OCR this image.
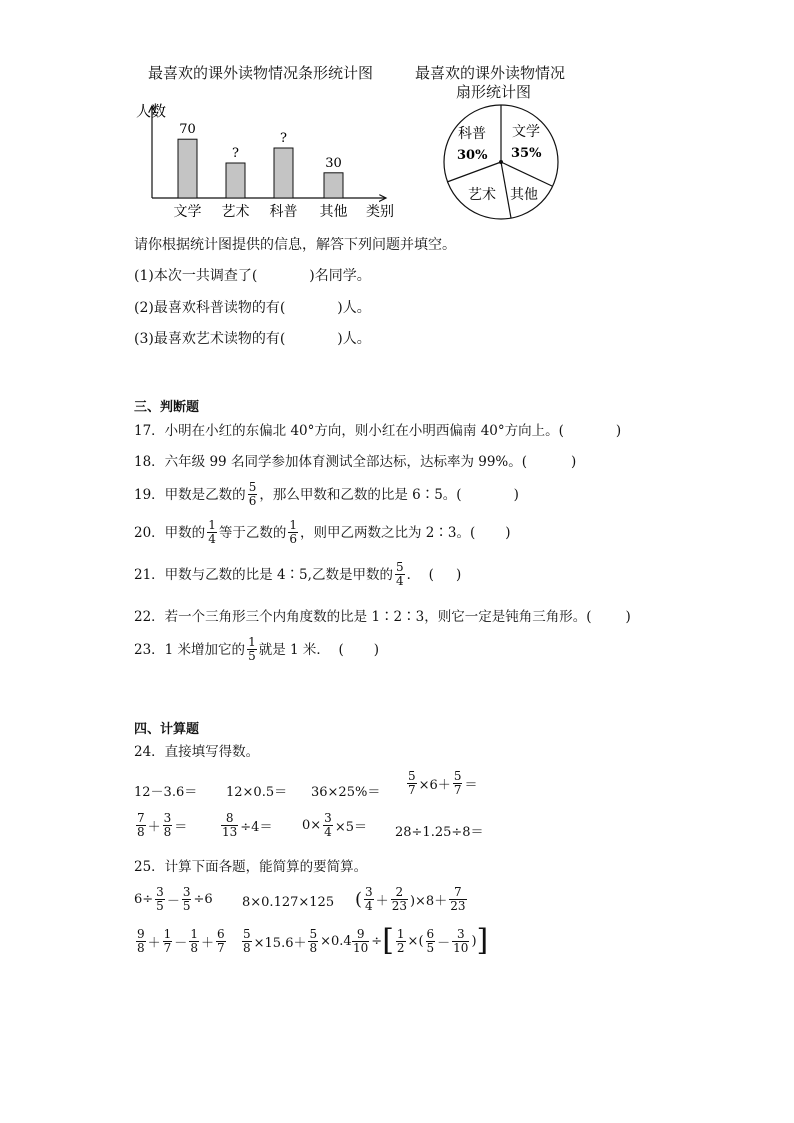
最喜欢的课外读物情况条形统计图	最喜欢的课外读物情况
扇形统计图
人数
70
文学
?
艺术
?
科普
30
其他 类别
科普
30%
文学
35%
艺术 其他
请你根据统计图提供的信息，解答下列问题并填空。
(1)本次一共调查了(	)名同学。
(2)最喜欢科普读物的有(	)人。
(3)最喜欢艺术读物的有(	)人。
三、判断题
17．小明在小红的东偏北 40°方向，则小红在小明西偏南 40°方向上。(	)
18．六年级 99 名同学参加体育测试全部达标，达标率为 99%。(	)
19．甲数是乙数的 $\frac{5}{6}$ ，那么甲数和乙数的比是 6∶5。(	)
20．甲数的 $\frac{1}{4}$ 等于乙数的 $\frac{1}{6}$ ，则甲乙两数之比为 2∶3。( )
21．甲数与乙数的比是 4∶5,乙数是甲数的 $\frac{5}{4}$ ．  ( )
22．若一个三角形三个内角度数的比是 1∶2∶3，则它一定是钝角三角形。(	)
23．1 米增加它的 $\frac{1}{5}$ 就是 1 米．  ( )
四、计算题
24．直接填写得数。
$12-3.6= 12\times 0.5= 36\times 25\%= \frac{5}{7} \times 6+ \frac{5}{7}$ ＝
$\frac{7}{8} + \frac{3}{8}$ ＝	$\frac{8}{13} \div 4= 0\times \frac{3}{4} \times 5= 28\div 1.25\div 8=$
25．计算下面各题，能简算的要简算。
$6\div \frac{3}{5} - \frac{3}{5} \div 6$ 8×0.127×125 ( $\frac{3}{4} + \frac{2}{23} )\times 8+ \frac{7}{23}$
$\frac{9}{8} + \frac{1}{7} - \frac{1}{8} + \frac{6}{7} \frac{5}{8} \times 15.6+ \frac{5}{8} \times 0.4 \frac{9}{10}$ ÷ [ $\frac{1}{2}$ ×( $\frac{6}{5} - \frac{3}{10}$ ) ]
